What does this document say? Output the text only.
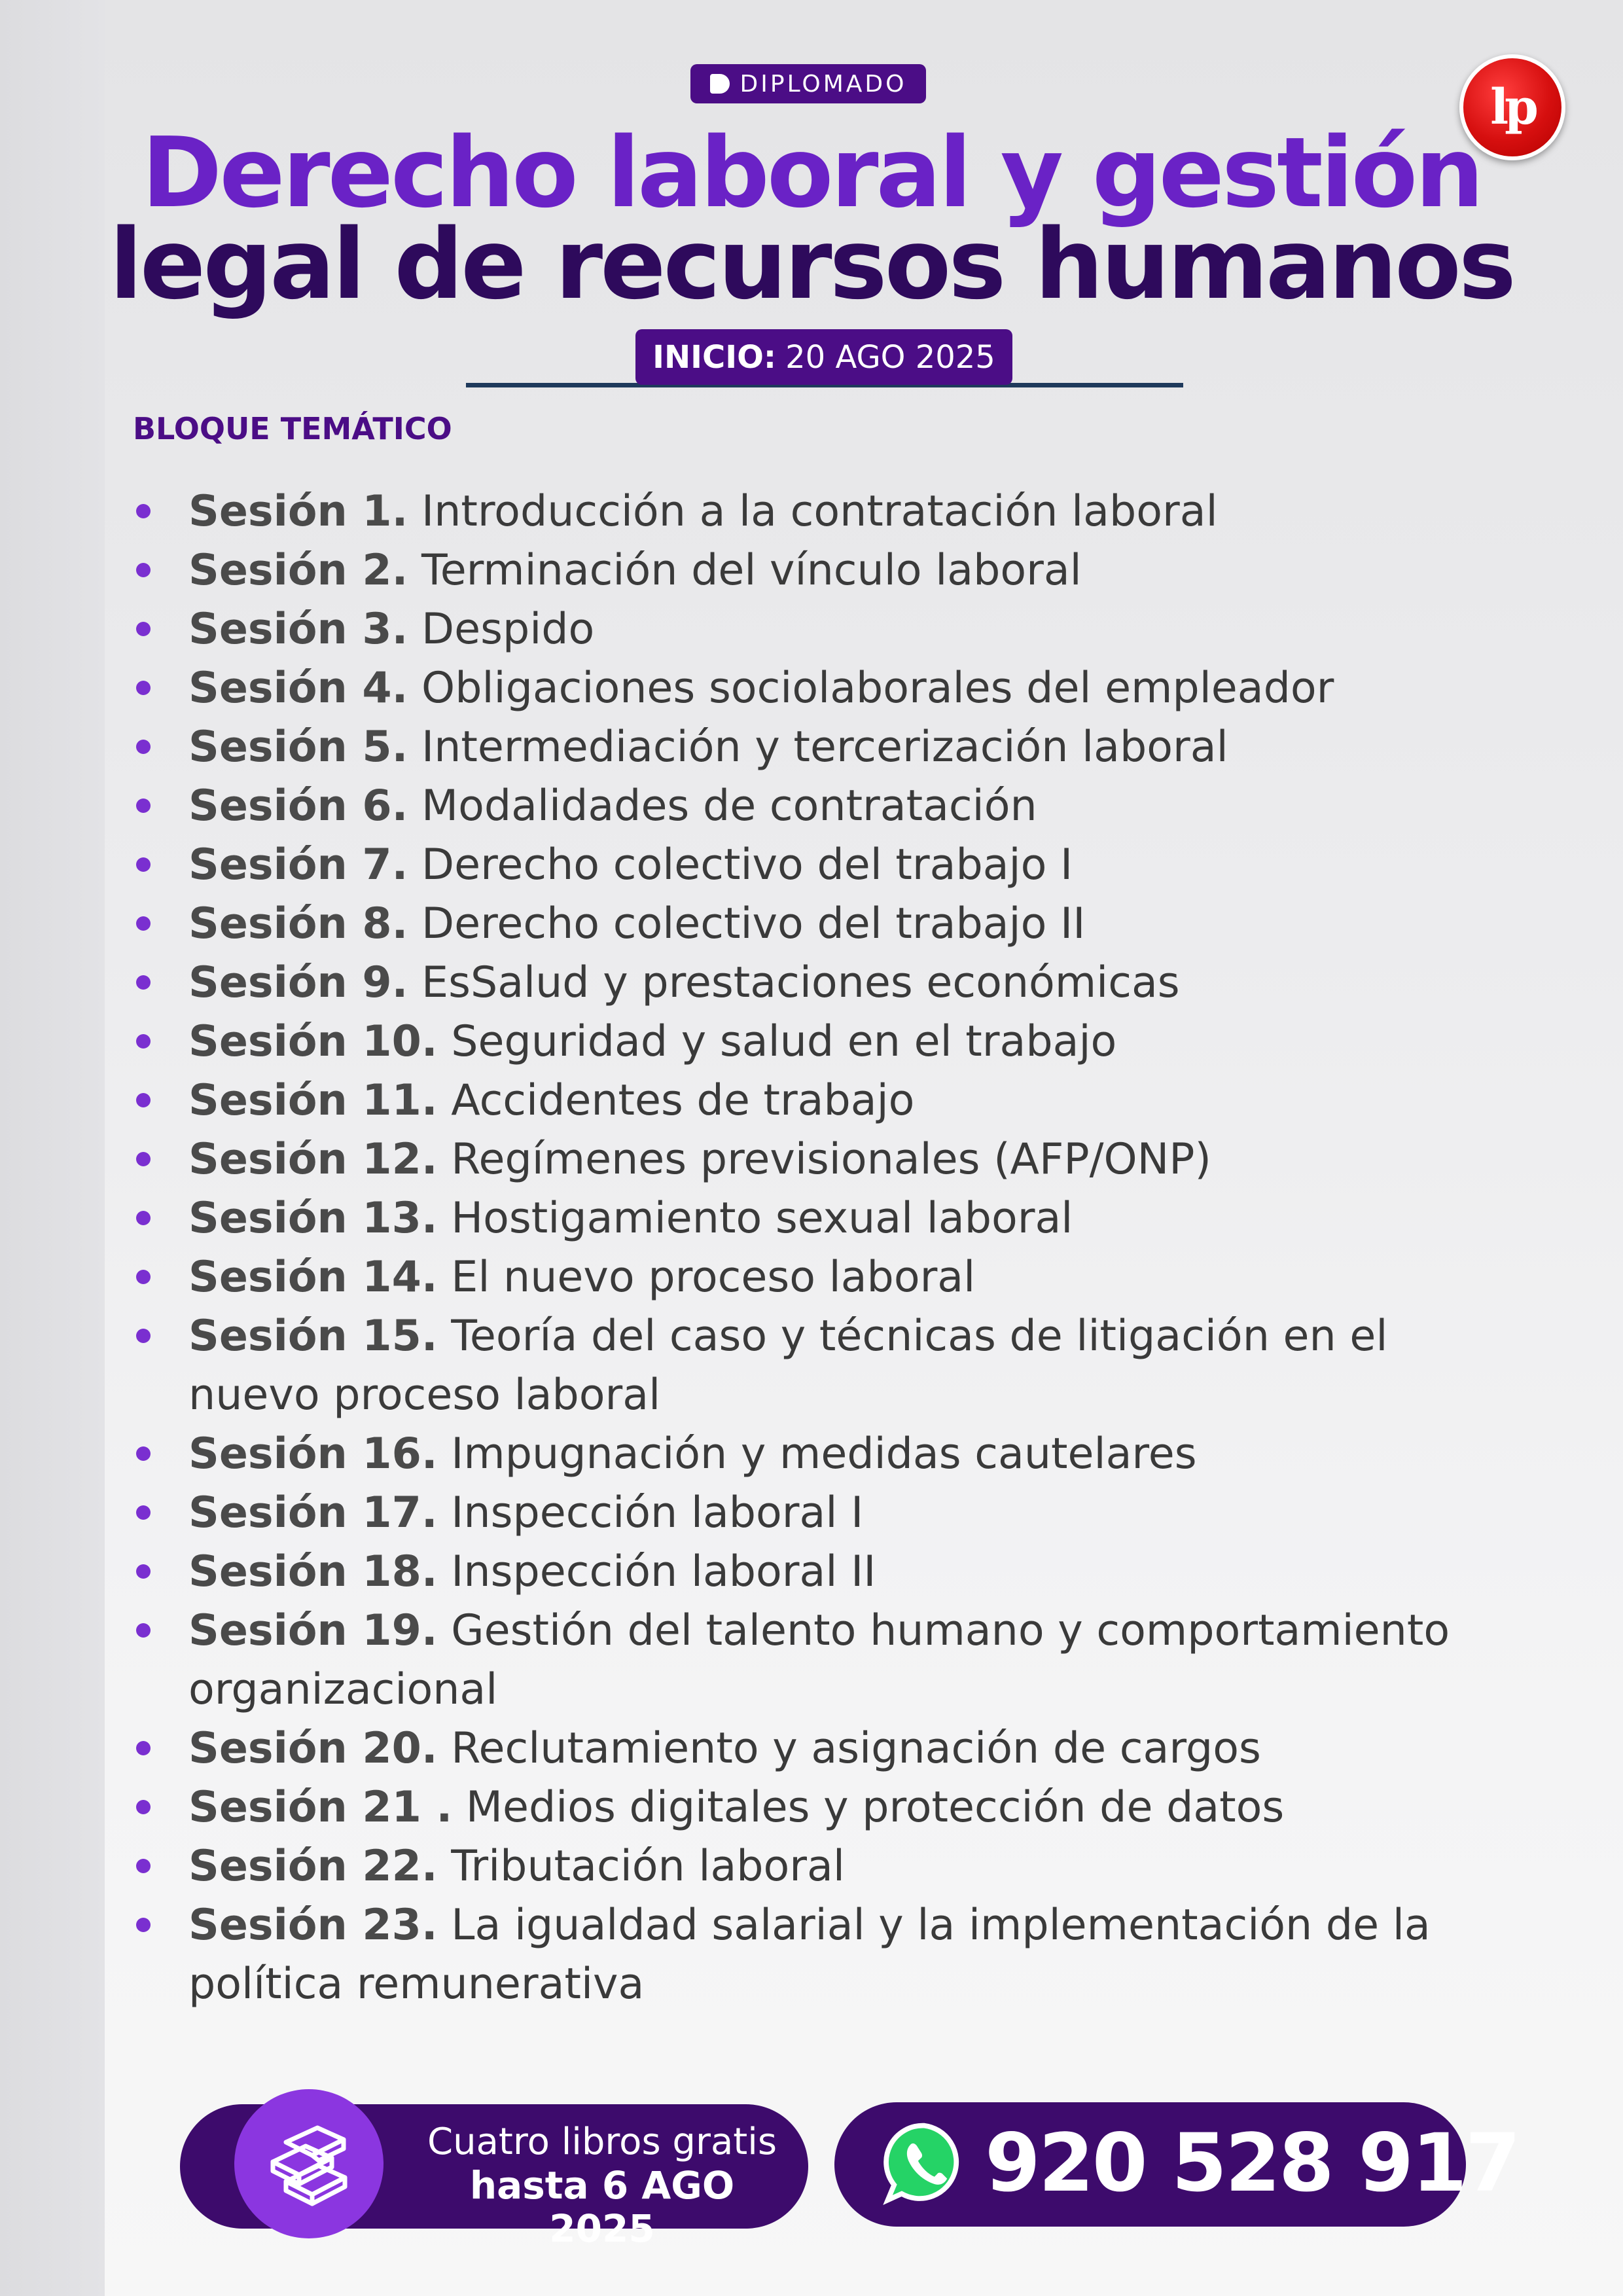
DIPLOMADO	lp
Derecho laboral y gestión
legal de recursos humanos
INICIO: 20 AGO 2025
BLOQUE TEMÁTICO
Sesión 1. Introducción a la contratación laboral
Sesión 2. Terminación del vínculo laboral
Sesión 3. Despido
Sesión 4. Obligaciones sociolaborales del empleador
Sesión 5. Intermediación y tercerización laboral
Sesión 6. Modalidades de contratación
Sesión 7. Derecho colectivo del trabajo I
Sesión 8. Derecho colectivo del trabajo II
Sesión 9. EsSalud y prestaciones económicas
Sesión 10. Seguridad y salud en el trabajo
Sesión 11. Accidentes de trabajo
Sesión 12. Regímenes previsionales (AFP/ONP)
Sesión 13. Hostigamiento sexual laboral
Sesión 14. El nuevo proceso laboral
Sesión 15. Teoría del caso y técnicas de litigación en el
nuevo proceso laboral
Sesión 16. Impugnación y medidas cautelares
Sesión 17. Inspección laboral I
Sesión 18. Inspección laboral II
Sesión 19. Gestión del talento humano y comportamiento
organizacional
Sesión 20. Reclutamiento y asignación de cargos
Sesión 21 . Medios digitales y protección de datos
Sesión 22. Tributación laboral
Sesión 23. La igualdad salarial y la implementación de la
política remunerativa
Cuatro libros gratis
hasta 6 AGO 2025
920 528 917
